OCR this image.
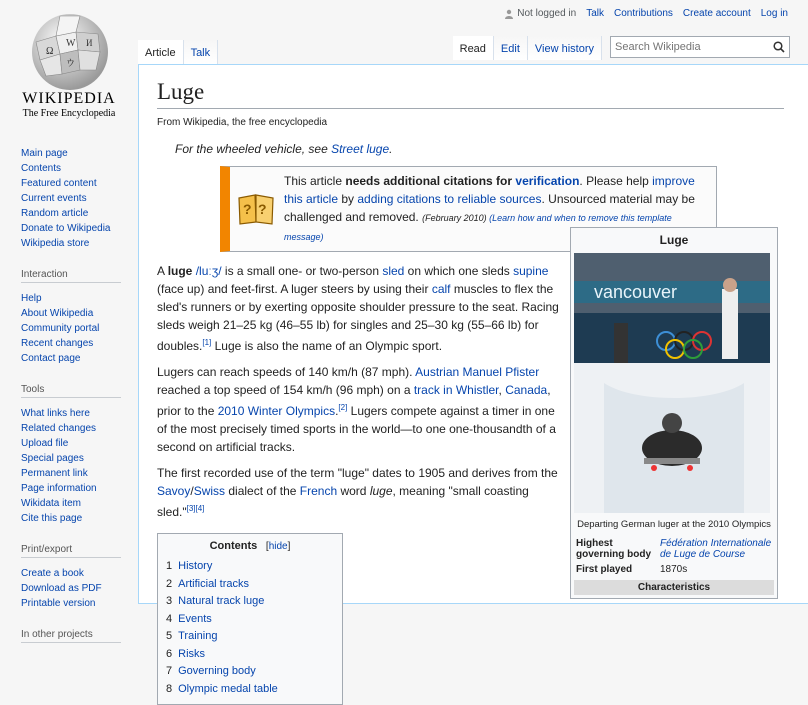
Ω
W И
ウ
WIKIPEDIA
The Free Encyclopedia
Not logged in Talk Contributions Create account Log in
Article Talk	Read Edit View history
Search Wikipedia
Main page
Contents
Featured content
Current events
Random article
Donate to Wikipedia
Wikipedia store
Interaction
Help
About Wikipedia
Community portal
Recent changes
Contact page
Tools
What links here
Related changes
Upload file
Special pages
Permanent link
Page information
Wikidata item
Cite this page
Print/export
Create a book
Download as PDF
Printable version
In other projects
Luge
From Wikipedia, the free encyclopedia
For the wheeled vehicle, see Street luge.
?
?
This article needs additional citations for verification. Please help improve this article by adding citations to reliable sources. Unsourced material may be challenged and removed. (February 2010) (Learn how and when to remove this template message)

A luge /luːʒ/ is a small one- or two-person sled on which one sleds supine (face up) and feet-first. A luger steers by using their calf muscles to flex the sled's runners or by exerting opposite shoulder pressure to the seat. Racing sleds weigh 21–25 kg (46–55 lb) for singles and 25–30 kg (55–66 lb) for doubles.[1] Luge is also the name of an Olympic sport.

Lugers can reach speeds of 140 km/h (87 mph). Austrian Manuel Pfister reached a top speed of 154 km/h (96 mph) on a track in Whistler, Canada, prior to the 2010 Winter Olympics.[2] Lugers compete against a timer in one of the most precisely timed sports in the world—to one one-thousandth of a second on artificial tracks.

The first recorded use of the term "luge" dates to 1905 and derives from the Savoy/Swiss dialect of the French word luge, meaning "small coasting sled."[3][4]

Contents   [hide]
1 History
2 Artificial tracks
3 Natural track luge
4 Events
5 Training
6 Risks
7 Governing body
8 Olympic medal table
Luge
vancouver
Departing German luger at the 2010 Olympics
Highest governing body
Fédération Internationale de Luge de Course
First played	1870s
Characteristics
